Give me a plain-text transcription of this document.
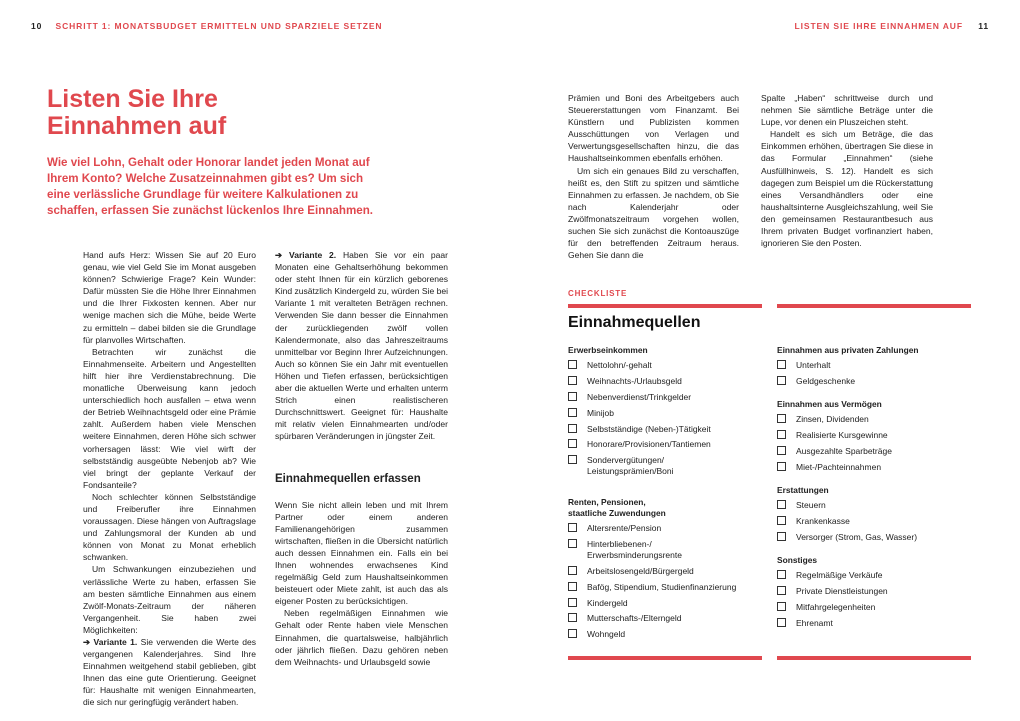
10 SCHRITT 1: MONATSBUDGET ERMITTELN UND SPARZIELE SETZEN	LISTEN SIE IHRE EINNAHMEN AUF 11
Listen Sie Ihre
Einnahmen auf

Wie viel Lohn, Gehalt oder Honorar landet jeden Monat auf Ihrem Konto? Welche Zusatzeinnahmen gibt es? Um sich eine verlässliche Grundlage für weitere Kalkulationen zu schaffen, erfassen Sie zunächst lückenlos Ihre Einnahmen.

Hand aufs Herz: Wissen Sie auf 20 Euro genau, wie viel Geld Sie im Monat ausgeben können? Schwierige Frage? Kein Wunder: Dafür müssten Sie die Höhe Ihrer Einnahmen und die Ihrer Fixkosten kennen. Aber nur wenige machen sich die Mühe, beide Werte zu ermitteln – dabei bilden sie die Grundlage für planvolles Wirtschaften.

Betrachten wir zunächst die Einnahmenseite. Arbeitern und Angestellten hilft hier ihre Verdienstabrechnung. Die monatliche Überweisung kann jedoch unterschiedlich hoch ausfallen – etwa wenn der Betrieb Weihnachtsgeld oder eine Prämie zahlt. Außerdem haben viele Menschen weitere Einnahmen, deren Höhe sich schwer vorhersagen lässt: Wie viel wirft der selbstständig ausgeübte Nebenjob ab? Wie viel bringt der geplante Verkauf der Fondsanteile?

Noch schlechter können Selbstständige und Freiberufler ihre Einnahmen voraussagen. Diese hängen von Auftragslage und Zahlungsmoral der Kunden ab und können von Monat zu Monat erheblich schwanken.

Um Schwankungen einzubeziehen und verlässliche Werte zu haben, erfassen Sie am besten sämtliche Einnahmen aus einem Zwölf-Monats-Zeitraum der näheren Vergangenheit. Sie haben zwei Möglichkeiten:

➔ Variante 1. Sie verwenden die Werte des vergangenen Kalenderjahres. Sind Ihre Einnahmen weitgehend stabil geblieben, gibt Ihnen das eine gute Orientierung. Geeignet für: Haushalte mit wenigen Einnahmearten, die sich nur geringfügig verändert haben.

➔ Variante 2. Haben Sie vor ein paar Monaten eine Gehaltserhöhung bekommen oder steht Ihnen für ein kürzlich geborenes Kind zusätzlich Kindergeld zu, würden Sie bei Variante 1 mit veralteten Beträgen rechnen. Verwenden Sie dann besser die Einnahmen der zurückliegenden zwölf vollen Kalendermonate, also das Jahreszeitraums unmittelbar vor Beginn Ihrer Aufzeichnungen. Auch so können Sie ein Jahr mit eventuellen Höhen und Tiefen erfassen, berücksichtigen aber die aktuellen Werte und erhalten unterm Strich einen realistischeren Durchschnittswert. Geeignet für: Haushalte mit relativ vielen Einnahmearten und/oder spürbaren Veränderungen in jüngster Zeit.

Einnahmequellen erfassen

Wenn Sie nicht allein leben und mit Ihrem Partner oder einem anderen Familienangehörigen zusammen wirtschaften, fließen in die Übersicht natürlich auch dessen Einnahmen ein. Falls ein bei Ihnen wohnendes erwachsenes Kind regelmäßig Geld zum Haushaltseinkommen beisteuert oder Miete zahlt, ist auch das als eigener Posten zu berücksichtigen.

Neben regelmäßigen Einnahmen wie Gehalt oder Rente haben viele Menschen Einnahmen, die quartalsweise, halbjährlich oder jährlich fließen. Dazu gehören neben dem Weihnachts- und Urlaubsgeld sowie

Prämien und Boni des Arbeitgebers auch Steuererstattungen vom Finanzamt. Bei Künstlern und Publizisten kommen Ausschüttungen von Verlagen und Verwertungsgesellschaften hinzu, die das Haushaltseinkommen ebenfalls erhöhen.

Um sich ein genaues Bild zu verschaffen, heißt es, den Stift zu spitzen und sämtliche Einnahmen zu erfassen. Je nachdem, ob Sie nach Kalenderjahr oder Zwölfmonatszeitraum vorgehen wollen, suchen Sie sich zunächst die Kontoauszüge für den betreffenden Zeitraum heraus. Gehen Sie dann die

Spalte „Haben“ schrittweise durch und nehmen Sie sämtliche Beträge unter die Lupe, vor denen ein Pluszeichen steht.

Handelt es sich um Beträge, die das Einkommen erhöhen, übertragen Sie diese in das Formular „Einnahmen“ (siehe Ausfüllhinweis, S. 12). Handelt es sich dagegen zum Beispiel um die Rückerstattung eines Versandhändlers oder eine haushaltsinterne Ausgleichszahlung, weil Sie den gemeinsamen Restaurantbesuch aus Ihrem privaten Budget vorfinanziert haben, ignorieren Sie den Posten.

CHECKLISTE
Einnahmequellen
Erwerbseinkommen
Nettolohn/-gehalt
Weihnachts-/Urlaubsgeld
Nebenverdienst/Trinkgelder
Minijob
Selbstständige (Neben-)Tätigkeit
Honorare/Provisionen/Tantiemen
Sondervergütungen/
Leistungsprämien/Boni
Renten, Pensionen,
staatliche Zuwendungen
Altersrente/Pension
Hinterbliebenen-/
Erwerbsminderungsrente
Arbeitslosengeld/Bürgergeld
Bafög, Stipendium, Studienfinanzierung
Kindergeld
Mutterschafts-/Elterngeld
Wohngeld
Einnahmen aus privaten Zahlungen
Unterhalt
Geldgeschenke
Einnahmen aus Vermögen
Zinsen, Dividenden
Realisierte Kursgewinne
Ausgezahlte Sparbeträge
Miet-/Pachteinnahmen
Erstattungen
Steuern
Krankenkasse
Versorger (Strom, Gas, Wasser)
Sonstiges
Regelmäßige Verkäufe
Private Dienstleistungen
Mitfahrgelegenheiten
Ehrenamt
